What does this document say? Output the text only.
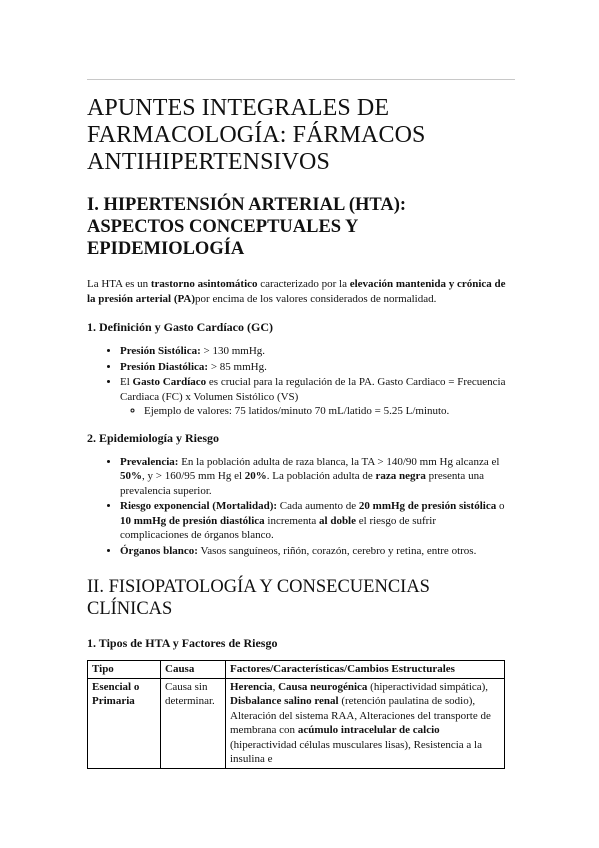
APUNTES INTEGRALES DE FARMACOLOGÍA: FÁRMACOS ANTIHIPERTENSIVOS
I. HIPERTENSIÓN ARTERIAL (HTA): ASPECTOS CONCEPTUALES Y EPIDEMIOLOGÍA

La HTA es un trastorno asintomático caracterizado por la elevación mantenida y crónica de la presión arterial (PA)por encima de los valores considerados de normalidad.

1. Definición y Gasto Cardíaco (GC)
• Presión Sistólica: > 130 mmHg.
• Presión Diastólica: > 85 mmHg.
• El Gasto Cardíaco es crucial para la regulación de la PA. Gasto Cardiaco = Frecuencia Cardiaca (FC) x Volumen Sistólico (VS)
◦ Ejemplo de valores: 75 latidos/minuto 70 mL/latido = 5.25 L/minuto.
2. Epidemiología y Riesgo
• Prevalencia: En la población adulta de raza blanca, la TA > 140/90 mm Hg alcanza el 50%, y > 160/95 mm Hg el 20%. La población adulta de raza negra presenta una prevalencia superior.
• Riesgo exponencial (Mortalidad): Cada aumento de 20 mmHg de presión sistólica o 10 mmHg de presión diastólica incrementa al doble el riesgo de sufrir complicaciones de órganos blanco.
• Órganos blanco: Vasos sanguíneos, riñón, corazón, cerebro y retina, entre otros.
II. FISIOPATOLOGÍA Y CONSECUENCIAS CLÍNICAS
1. Tipos de HTA y Factores de Riesgo
Tipo	Causa	Factores/Características/Cambios Estructurales
Esencial o Primaria	Causa sin determinar.	Herencia, Causa neurogénica (hiperactividad simpática), Disbalance salino renal (retención paulatina de sodio), Alteración del sistema RAA, Alteraciones del transporte de membrana con acúmulo intracelular de calcio (hiperactividad células musculares lisas), Resistencia a la insulina e
